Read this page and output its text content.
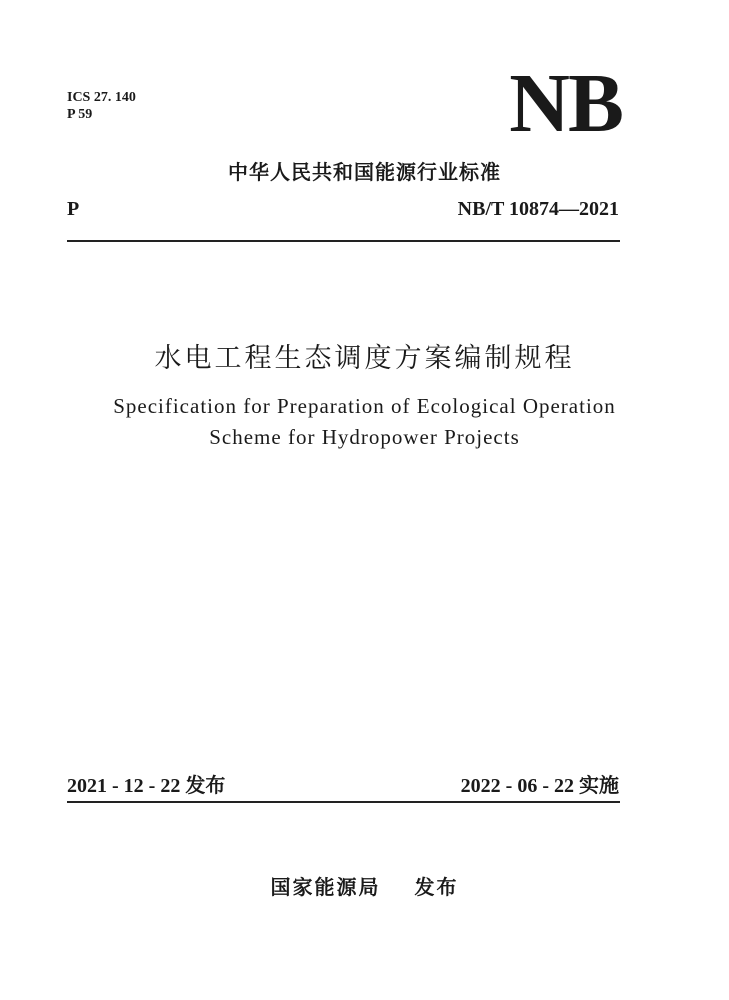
ICS 27. 140
P 59	NB
中华人民共和国能源行业标准
P	NB/T 10874—2021
水电工程生态调度方案编制规程
Specification for Preparation of Ecological Operation
Scheme for Hydropower Projects
2021 - 12 - 22 发布	2022 - 06 - 22 实施
国家能源局 发布
